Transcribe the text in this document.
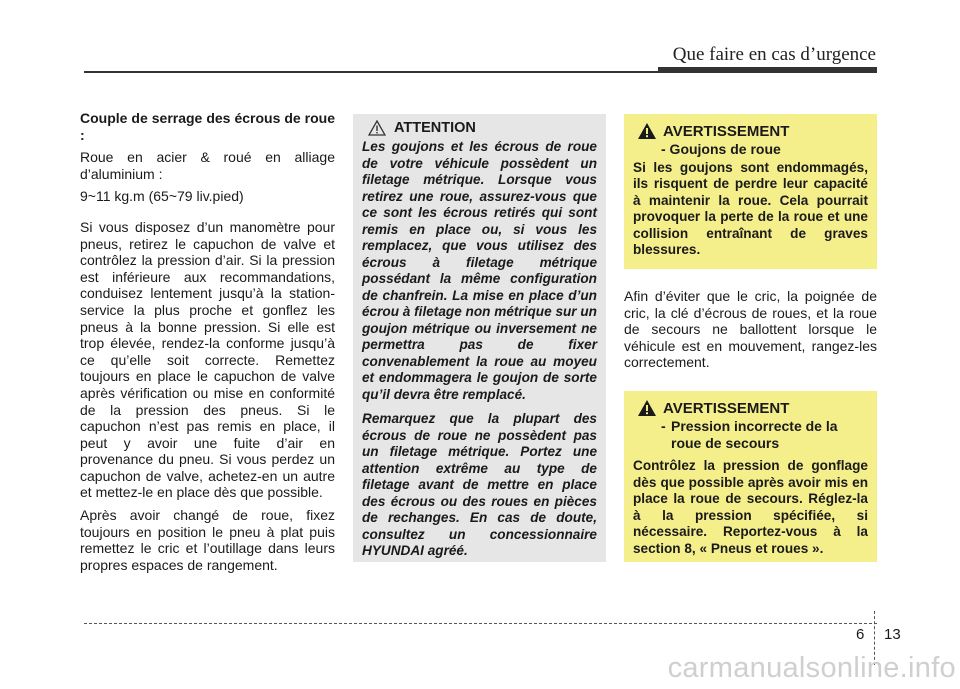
Que faire en cas d’urgence

Couple de serrage des écrous de roue :

Roue en acier & roué en alliage d’aluminium :

9~11 kg.m (65~79 liv.pied)

Si vous disposez d’un manomètre pour pneus, retirez le capuchon de valve et contrôlez la pression d’air. Si la pression est inférieure aux recommandations, conduisez lentement jusqu’à la station-service la plus proche et gonflez les pneus à la bonne pression. Si elle est trop élevée, rendez-la conforme jusqu’à ce qu’elle soit correcte. Remettez toujours en place le capuchon de valve après vérification ou mise en conformité de la pression des pneus. Si le capuchon n’est pas remis en place, il peut y avoir une fuite d’air en provenance du pneu. Si vous perdez un capuchon de valve, achetez-en un autre et mettez-le en place dès que possible.

Après avoir changé de roue, fixez toujours en position le pneu à plat puis remettez le cric et l’outillage dans leurs propres espaces de rangement.

ATTENTION

Les goujons et les écrous de roue de votre véhicule possèdent un filetage métrique. Lorsque vous retirez une roue, assurez-vous que ce sont les écrous retirés qui sont remis en place ou, si vous les remplacez, que vous utilisez des écrous à filetage métrique possédant la même configuration de chanfrein. La mise en place d’un écrou à filetage non métrique sur un goujon métrique ou inversement ne permettra pas de fixer convenablement la roue au moyeu et endommagera le goujon de sorte qu’il devra être remplacé.

Remarquez que la plupart des écrous de roue ne possèdent pas un filetage métrique. Portez une attention extrême au type de filetage avant de mettre en place des écrous ou des roues en pièces de rechanges. En cas de doute, consultez un concessionnaire HYUNDAI agréé.

AVERTISSEMENT
- Goujons de roue
Si les goujons sont endommagés, ils risquent de perdre leur capacité à maintenir la roue. Cela pourrait provoquer la perte de la roue et une collision entraînant de graves blessures.

Afin d’éviter que le cric, la poignée de cric, la clé d’écrous de roues, et la roue de secours ne ballottent lorsque le véhicule est en mouvement, rangez-les correctement.

AVERTISSEMENT
- Pression incorrecte de la roue de secours
Contrôlez la pression de gonflage dès que possible après avoir mis en place la roue de secours. Réglez-la à la pression spécifiée, si nécessaire. Reportez-vous à la section 8, « Pneus et roues ».
6 13
carmanualsonline.info
